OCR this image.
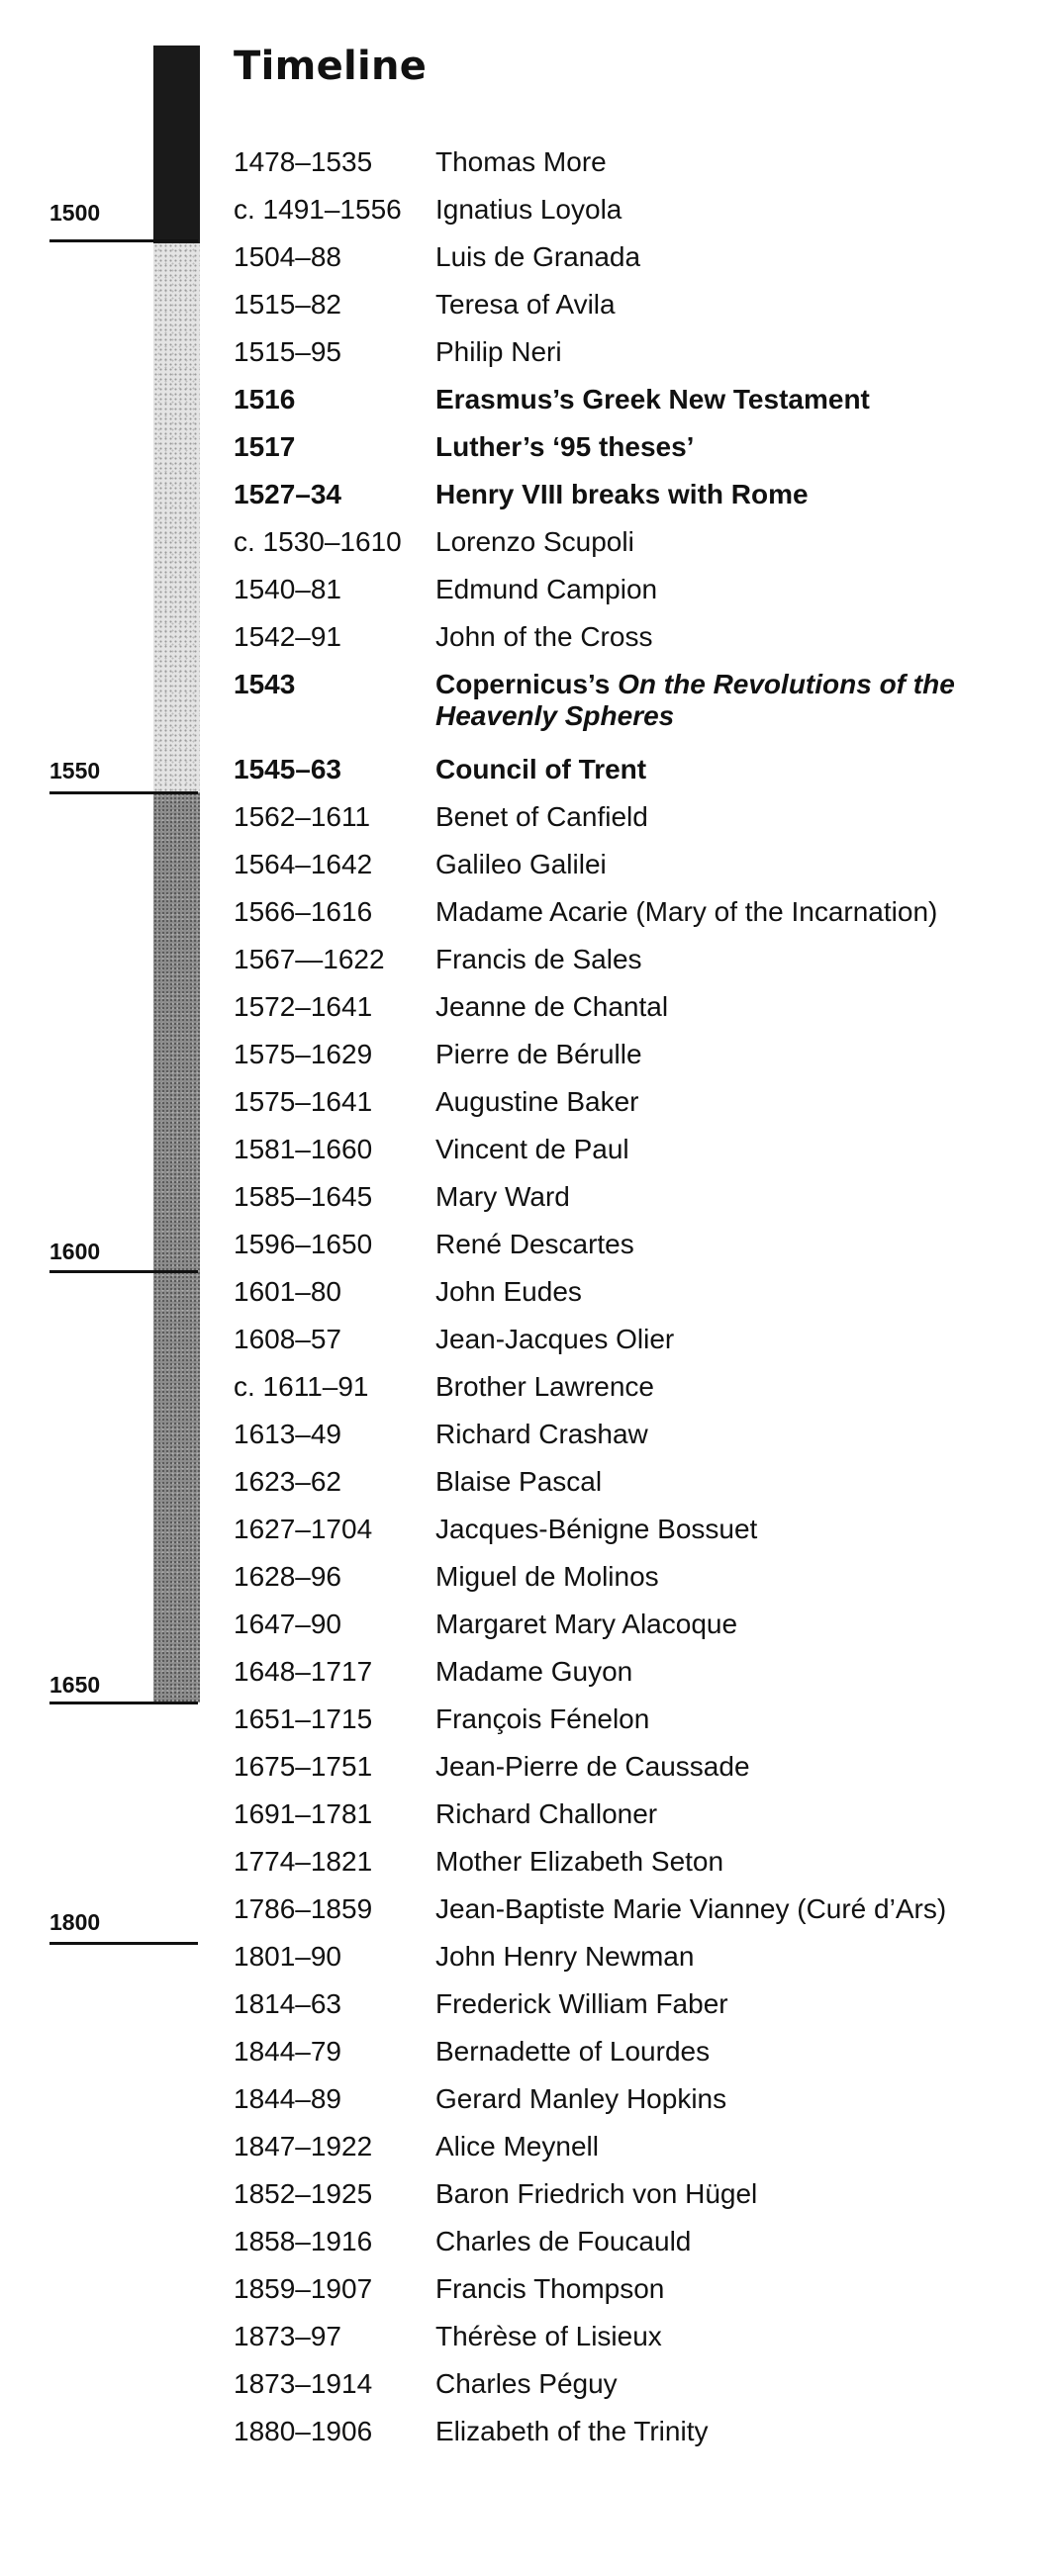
Timeline
1500
1550
1600
1650
1800
1478–1535 Thomas More
c. 1491–1556 Ignatius Loyola
1504–88	Luis de Granada
1515–82	Teresa of Avila
1515–95	Philip Neri
1516	Erasmus’s Greek New Testament
1517	Luther’s ‘95 theses’
1527–34	Henry VIII breaks with Rome
c. 1530–1610 Lorenzo Scupoli
1540–81	Edmund Campion
1542–91	John of the Cross
1543	Copernicus’s On the Revolutions of the
Heavenly Spheres
1545–63	Council of Trent
1562–1611 Benet of Canfield
1564–1642 Galileo Galilei
1566–1616 Madame Acarie (Mary of the Incarnation)
1567—1622 Francis de Sales
1572–1641 Jeanne de Chantal
1575–1629 Pierre de Bérulle
1575–1641 Augustine Baker
1581–1660 Vincent de Paul
1585–1645 Mary Ward
1596–1650 René Descartes
1601–80	John Eudes
1608–57	Jean-Jacques Olier
c. 1611–91 Brother Lawrence
1613–49	Richard Crashaw
1623–62	Blaise Pascal
1627–1704 Jacques-Bénigne Bossuet
1628–96	Miguel de Molinos
1647–90	Margaret Mary Alacoque
1648–1717 Madame Guyon
1651–1715 François Fénelon
1675–1751 Jean-Pierre de Caussade
1691–1781 Richard Challoner
1774–1821 Mother Elizabeth Seton
1786–1859 Jean-Baptiste Marie Vianney (Curé d’Ars)
1801–90	John Henry Newman
1814–63	Frederick William Faber
1844–79	Bernadette of Lourdes
1844–89	Gerard Manley Hopkins
1847–1922 Alice Meynell
1852–1925 Baron Friedrich von Hügel
1858–1916 Charles de Foucauld
1859–1907 Francis Thompson
1873–97	Thérèse of Lisieux
1873–1914 Charles Péguy
1880–1906 Elizabeth of the Trinity
